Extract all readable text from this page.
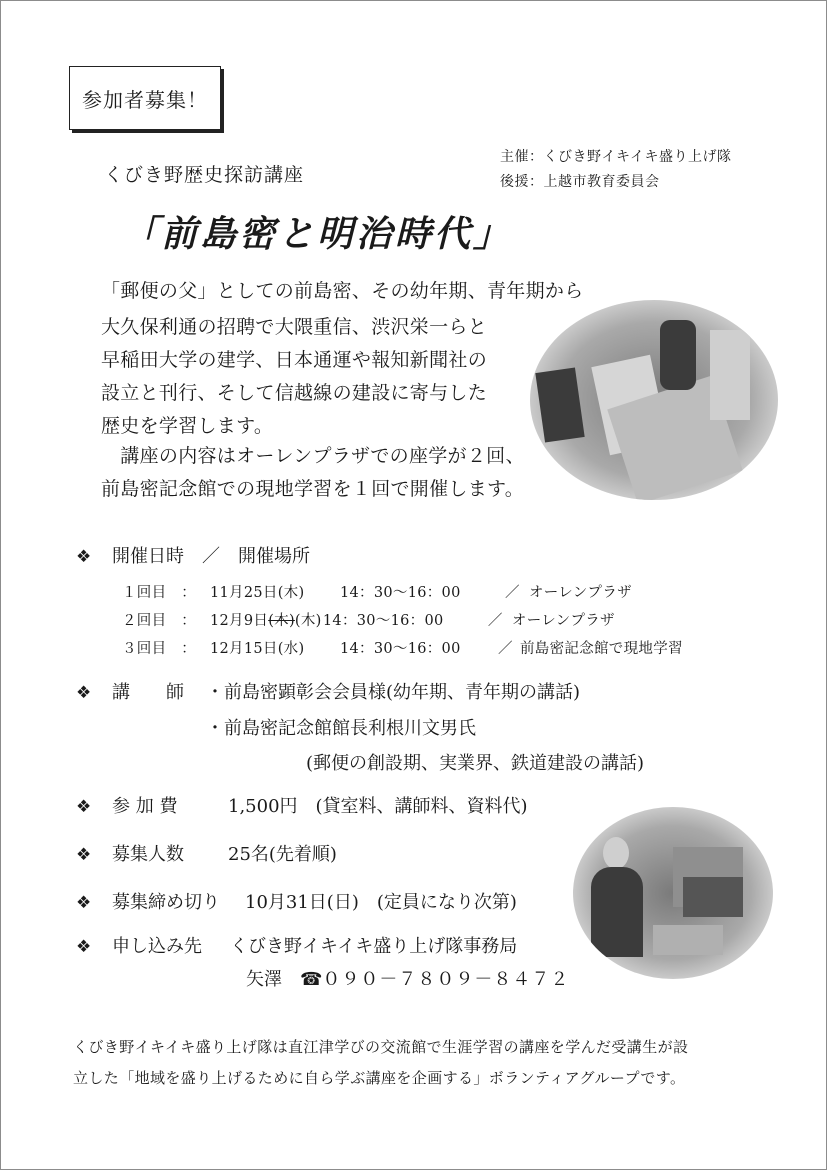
参加者募集！
くびき野歴史探訪講座
主催：くびき野イキイキ盛り上げ隊
後援：上越市教育委員会
「前島密と明治時代」
「郵便の父」としての前島密、その幼年期、青年期から
大久保利通の招聘で大隈重信、渋沢栄一らと
早稲田大学の建学、日本通運や報知新聞社の
設立と刊行、そして信越線の建設に寄与した
歴史を学習します。
　講座の内容はオーレンプラザでの座学が２回、
前島密記念館での現地学習を１回で開催します。
❖ 開催日時　／　開催場所
１回目　： 11月25日(木) 14：30～16：00	／ オーレンプラザ
２回目　： 12月9日(木)(木)14：30～16：00	／ オーレンプラザ
３回目　： 12月15日(水) 14：30～16：00	／ 前島密記念館で現地学習
❖ 講　　師 ・前島密顕彰会会員様(幼年期、青年期の講話)
・前島密記念館館長利根川文男氏
(郵便の創設期、実業界、鉄道建設の講話)
❖ 参 加 費	1,500円　(貸室料、講師料、資料代)
❖ 募集人数 25名(先着順)
❖ 募集締め切り 10月31日(日)　(定員になり次第)
❖ 申し込み先 くびき野イキイキ盛り上げ隊事務局
矢澤 ☎０９０－７８０９－８４７２
くびき野イキイキ盛り上げ隊は直江津学びの交流館で生涯学習の講座を学んだ受講生が設
立した「地域を盛り上げるために自ら学ぶ講座を企画する」ボランティアグループです。
